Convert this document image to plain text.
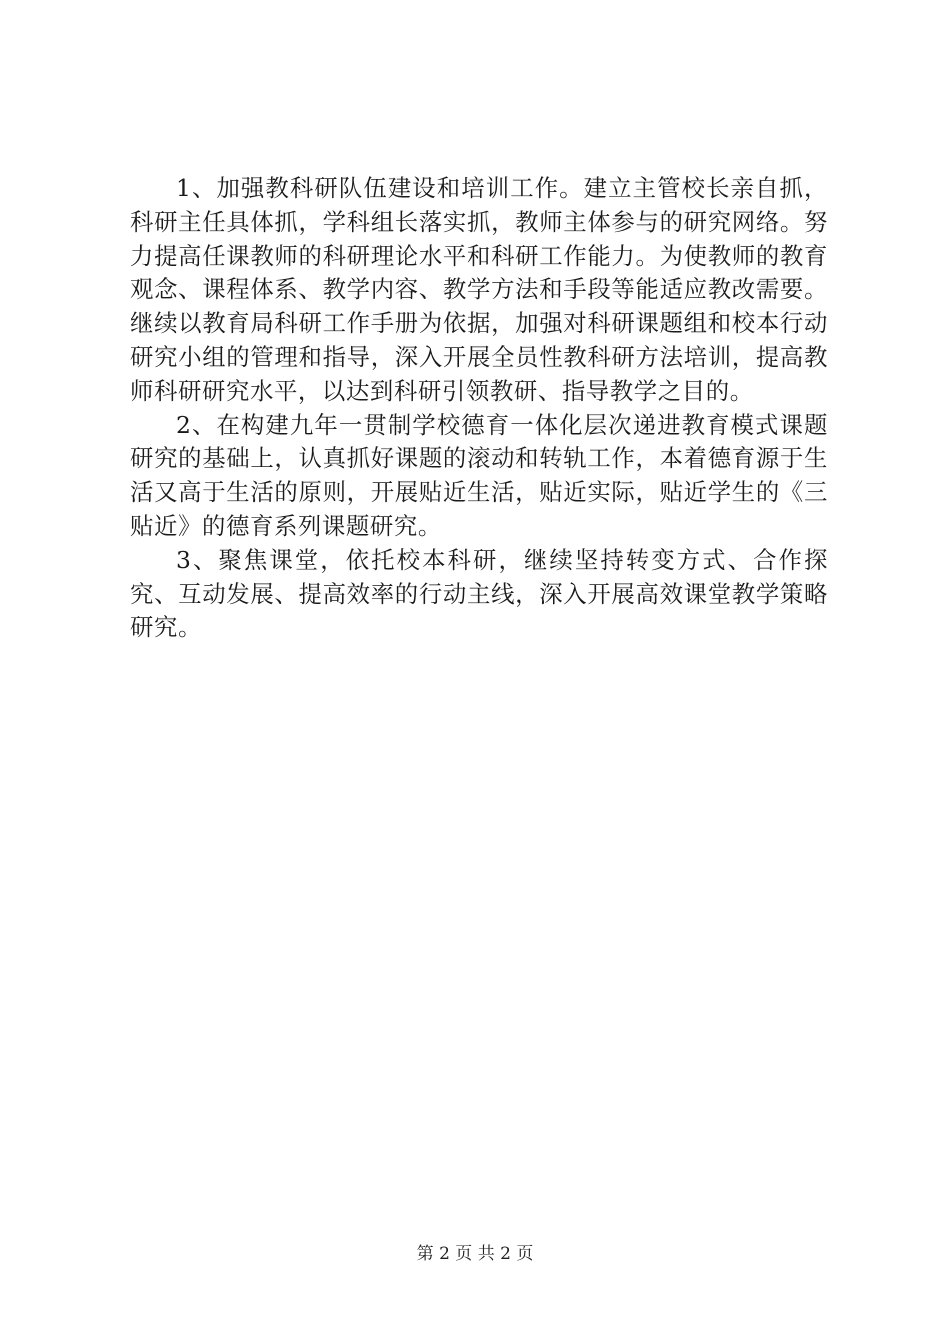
1、加强教科研队伍建设和培训工作。建立主管校长亲自抓，科研主任具体抓，学科组长落实抓，教师主体参与的研究网络。努力提高任课教师的科研理论水平和科研工作能力。为使教师的教育观念、课程体系、教学内容、教学方法和手段等能适应教改需要。继续以教育局科研工作手册为依据，加强对科研课题组和校本行动研究小组的管理和指导，深入开展全员性教科研方法培训，提高教师科研研究水平，以达到科研引领教研、指导教学之目的。

2、在构建九年一贯制学校德育一体化层次递进教育模式课题研究的基础上，认真抓好课题的滚动和转轨工作，本着德育源于生活又高于生活的原则，开展贴近生活，贴近实际，贴近学生的《三贴近》的德育系列课题研究。

3、聚焦课堂，依托校本科研，继续坚持转变方式、合作探究、互动发展、提高效率的行动主线，深入开展高效课堂教学策略研究。

第 2 页 共 2 页
